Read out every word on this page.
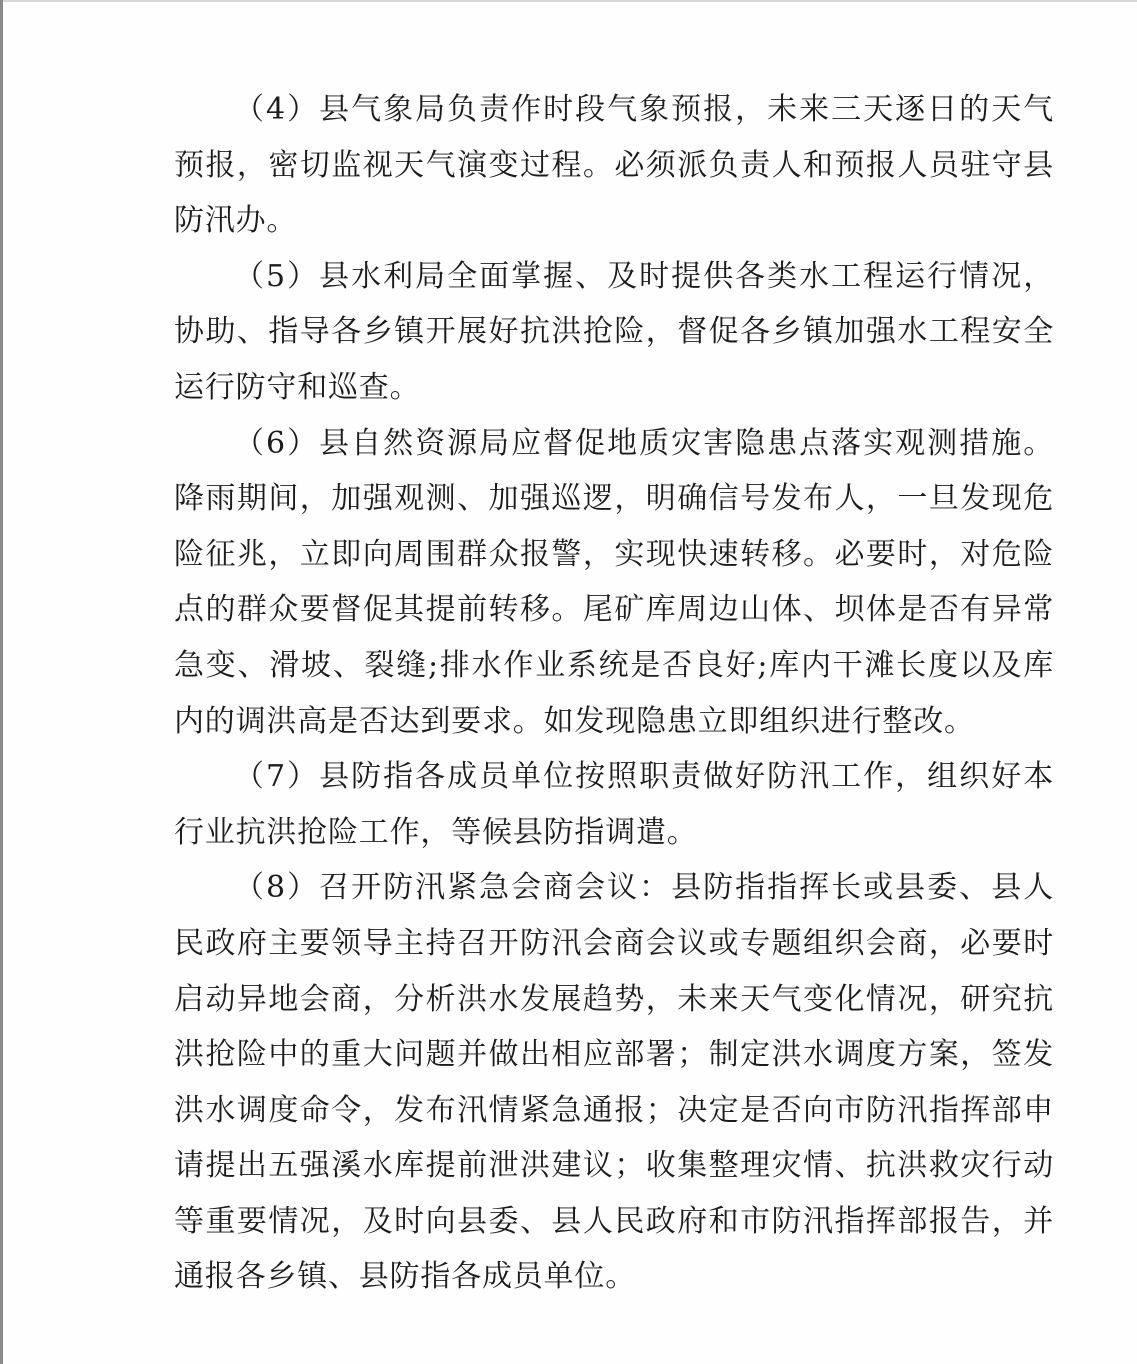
（4）县气象局负责作时段气象预报，未来三天逐日的天气预报，密切监视天气演变过程。必须派负责人和预报人员驻守县防汛办。

（5）县水利局全面掌握、及时提供各类水工程运行情况，协助、指导各乡镇开展好抗洪抢险，督促各乡镇加强水工程安全运行防守和巡查。

（6）县自然资源局应督促地质灾害隐患点落实观测措施。降雨期间，加强观测、加强巡逻，明确信号发布人，一旦发现危险征兆，立即向周围群众报警，实现快速转移。必要时，对危险点的群众要督促其提前转移。尾矿库周边山体、坝体是否有异常急变、滑坡、裂缝;排水作业系统是否良好;库内干滩长度以及库内的调洪高是否达到要求。如发现隐患立即组织进行整改。

（7）县防指各成员单位按照职责做好防汛工作，组织好本行业抗洪抢险工作，等候县防指调遣。

（8）召开防汛紧急会商会议：县防指指挥长或县委、县人民政府主要领导主持召开防汛会商会议或专题组织会商，必要时启动异地会商，分析洪水发展趋势，未来天气变化情况，研究抗洪抢险中的重大问题并做出相应部署；制定洪水调度方案，签发洪水调度命令，发布汛情紧急通报；决定是否向市防汛指挥部申请提出五强溪水库提前泄洪建议；收集整理灾情、抗洪救灾行动等重要情况，及时向县委、县人民政府和市防汛指挥部报告，并通报各乡镇、县防指各成员单位。
